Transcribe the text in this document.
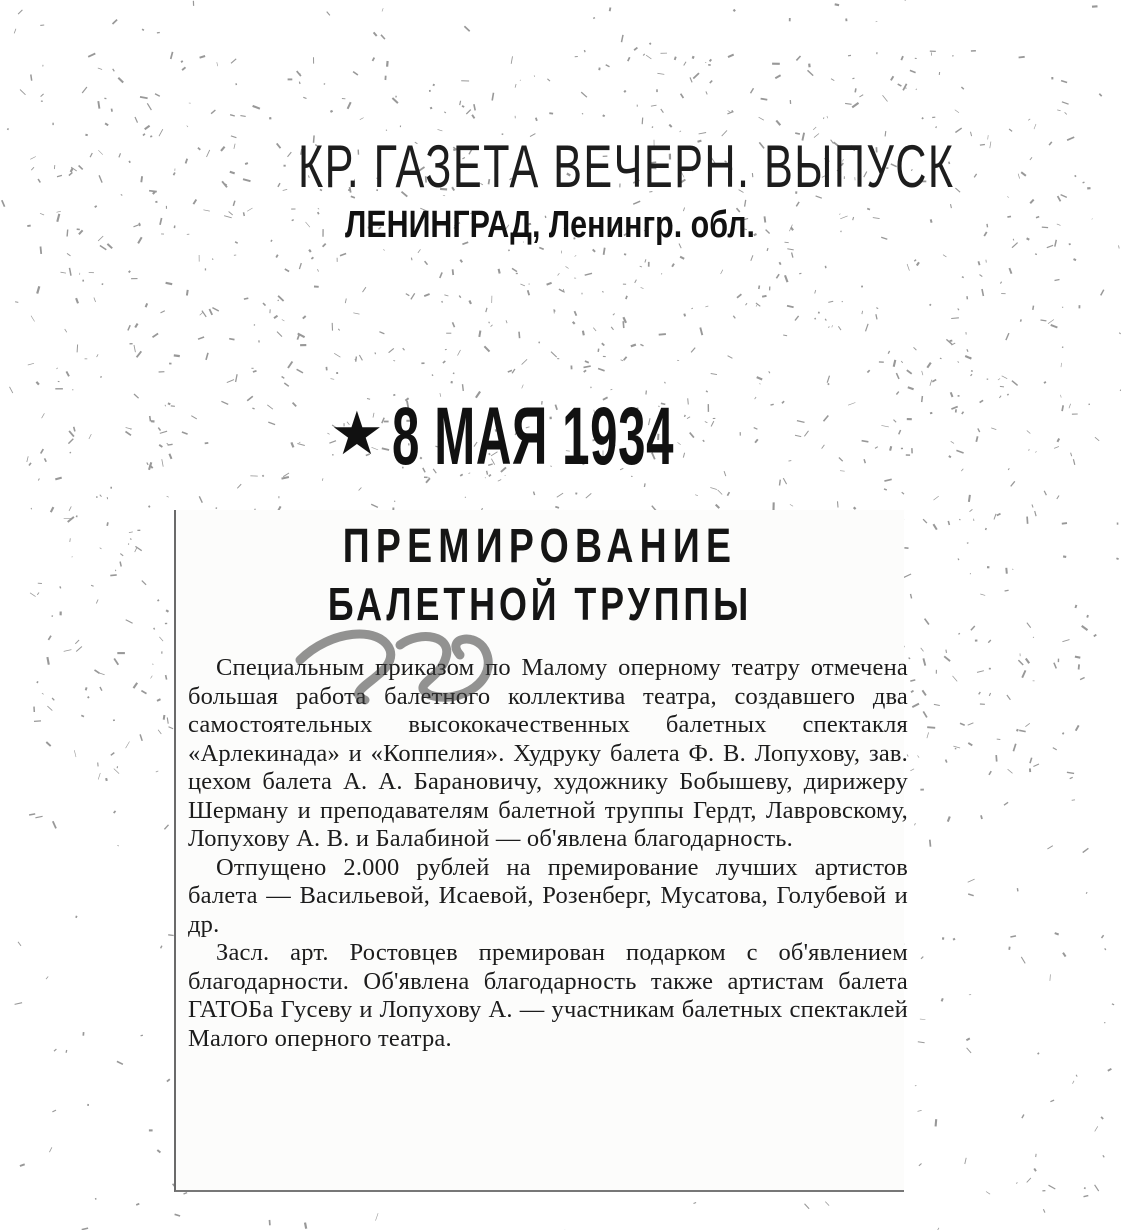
КР. ГАЗЕТА ВЕЧЕРН. ВЫПУСК
ЛЕНИНГРАД, Ленингр. обл.
★8 МАЯ 1934
ПРЕМИРОВАНИЕ
БАЛЕТНОЙ ТРУППЫ

Специальным приказом по Малому оперному театру отмечена большая работа балетного коллектива театра, создавшего два самостоятельных высококачественных балетных спектакля «Арлекинада» и «Коппелия». Худруку балета Ф. В. Лопухову, зав. цехом балета А. А. Барановичу, художнику Бобышеву, дирижеру Шерману и преподавателям балетной труппы Гердт, Лавровскому, Лопухову А. В. и Балабиной — об'явлена благодарность.

Отпущено 2.000 рублей на премирование лучших артистов балета — Васильевой, Исаевой, Розенберг, Мусатова, Голубевой и др.

Засл. арт. Ростовцев премирован подарком с об'явлением благодарности. Об'явлена благодарность также артистам балета ГАТОБа Гусеву и Лопухову А. — участникам балетных спектаклей Малого оперного театра.
